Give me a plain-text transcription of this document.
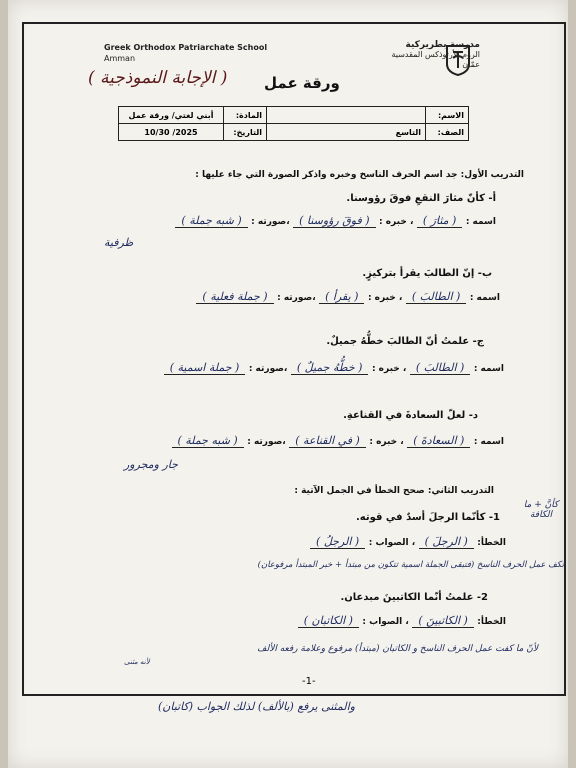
Greek Orthodox Patriarchate School
Amman
مدرسة بطريركية
الروم الأرثوذكس المقدسية
عمّان
ورقة عمل
( الإجابة النموذجية )
الاسم:		المادة:	أبني لغتي/ ورقة عمل
الصف:	التاسع	التاريخ:	2025/ 10/30
التدريب الأول: جد اسم الحرف الناسخ وخبره واذكر الصورة التي جاء عليها :
أ- كأنّ مثارَ النقعِ فوقَ رؤوسنا.
اسمه : ( مثارَ ) ، خبره : ( فوقَ رؤوسنا ) ،صورته : ( شبه جملة )
ظرفية
ب- إنّ الطالبَ يقرأ بتركيزٍ.
اسمه : ( الطالبَ ) ، خبره : ( يقرأ ) ،صورته : ( جملة فعلية )
ج- علمتُ أنّ الطالبَ خطُّهُ جميلٌ.
اسمه : ( الطالبَ ) ، خبره : ( خطُّهُ جميلٌ ) ،صورته : ( جملة اسمية )
د- لعلّ السعادةَ في القناعةِ.
اسمه : ( السعادةَ ) ، خبره : ( في القناعة ) ،صورته : ( شبه جملة )
جار ومجرور
التدريب الثاني: صحح الخطأ في الجمل الآتية :
1- كأنّما الرجلَ أسدٌ في قوته.
كأنَّ + ما الكافة
الخطأ: ( الرجلَ ) ، الصواب : ( الرجلُ )
تكف عمل الحرف الناسخ (فتبقى الجملة اسمية تتكون من مبتدأ + خبر المبتدأ مرفوعان)
2- علمتُ أنّما الكاتبينَ مبدعان.
الخطأ: ( الكاتبينَ ) ، الصواب : ( الكاتبانِ )
لأنّ ما كفت عمل الحرف الناسخ و الكاتبان (مبتدأ) مرفوع وعلامة رفعه الألف
لأنه مثنى
-1-
والمثنى يرفع (بالألف) لذلك الجواب (كاتبان)
